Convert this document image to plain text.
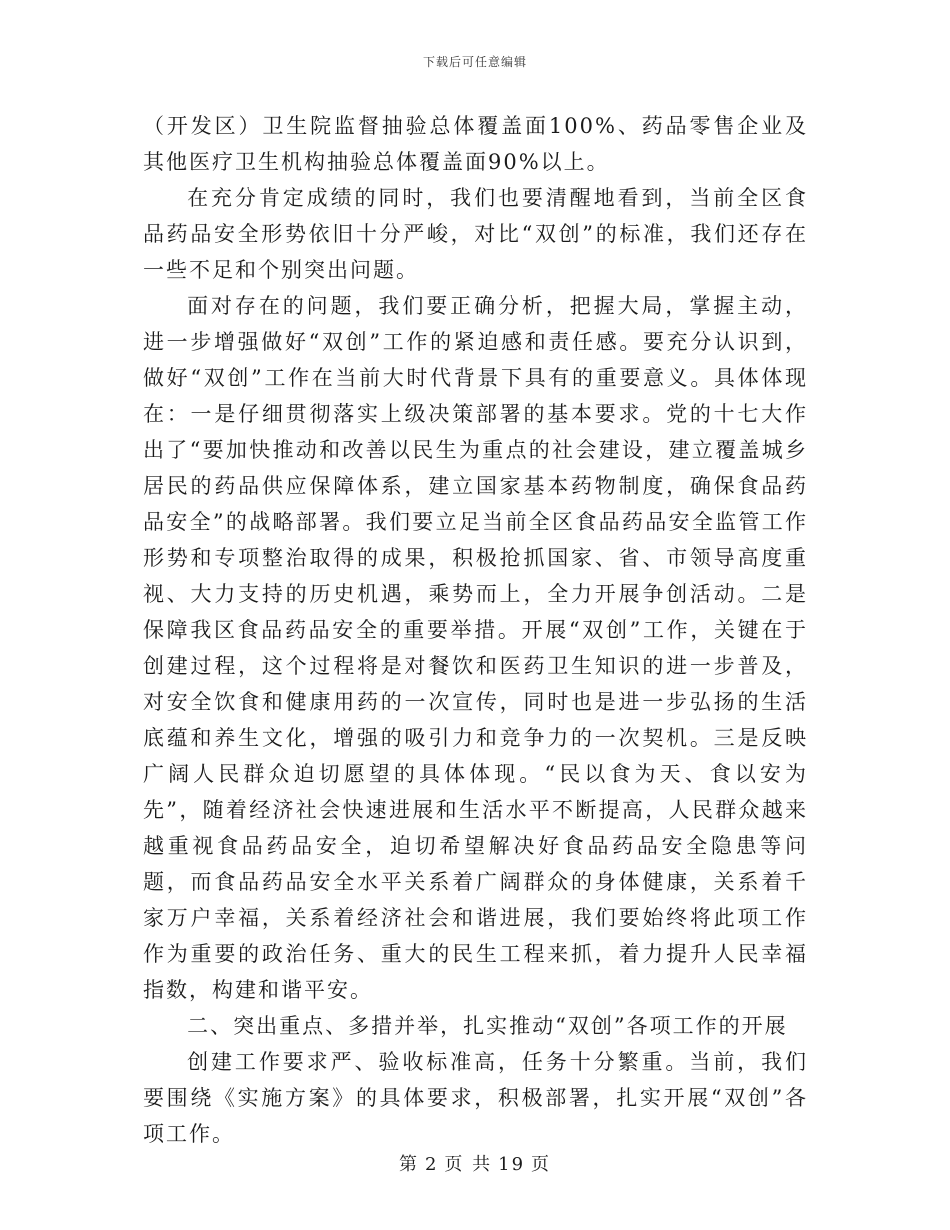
下载后可任意编辑

（开发区）卫生院监督抽验总体覆盖面100%、药品零售企业及其他医疗卫生机构抽验总体覆盖面90%以上。

在充分肯定成绩的同时，我们也要清醒地看到，当前全区食品药品安全形势依旧十分严峻，对比“双创”的标准，我们还存在一些不足和个别突出问题。

面对存在的问题，我们要正确分析，把握大局，掌握主动，进一步增强做好“双创”工作的紧迫感和责任感。要充分认识到，做好“双创”工作在当前大时代背景下具有的重要意义。具体体现在：一是仔细贯彻落实上级决策部署的基本要求。党的十七大作出了“要加快推动和改善以民生为重点的社会建设，建立覆盖城乡居民的药品供应保障体系，建立国家基本药物制度，确保食品药品安全”的战略部署。我们要立足当前全区食品药品安全监管工作形势和专项整治取得的成果，积极抢抓国家、省、市领导高度重视、大力支持的历史机遇，乘势而上，全力开展争创活动。二是保障我区食品药品安全的重要举措。开展“双创”工作，关键在于创建过程，这个过程将是对餐饮和医药卫生知识的进一步普及，对安全饮食和健康用药的一次宣传，同时也是进一步弘扬的生活底蕴和养生文化，增强的吸引力和竞争力的一次契机。三是反映广阔人民群众迫切愿望的具体体现。“民以食为天、食以安为先”，随着经济社会快速进展和生活水平不断提高，人民群众越来越重视食品药品安全，迫切希望解决好食品药品安全隐患等问题，而食品药品安全水平关系着广阔群众的身体健康，关系着千家万户幸福，关系着经济社会和谐进展，我们要始终将此项工作作为重要的政治任务、重大的民生工程来抓，着力提升人民幸福指数，构建和谐平安。

二、突出重点、多措并举，扎实推动“双创”各项工作的开展

创建工作要求严、验收标准高，任务十分繁重。当前，我们要围绕《实施方案》的具体要求，积极部署，扎实开展“双创”各项工作。

第 2 页 共 19 页
